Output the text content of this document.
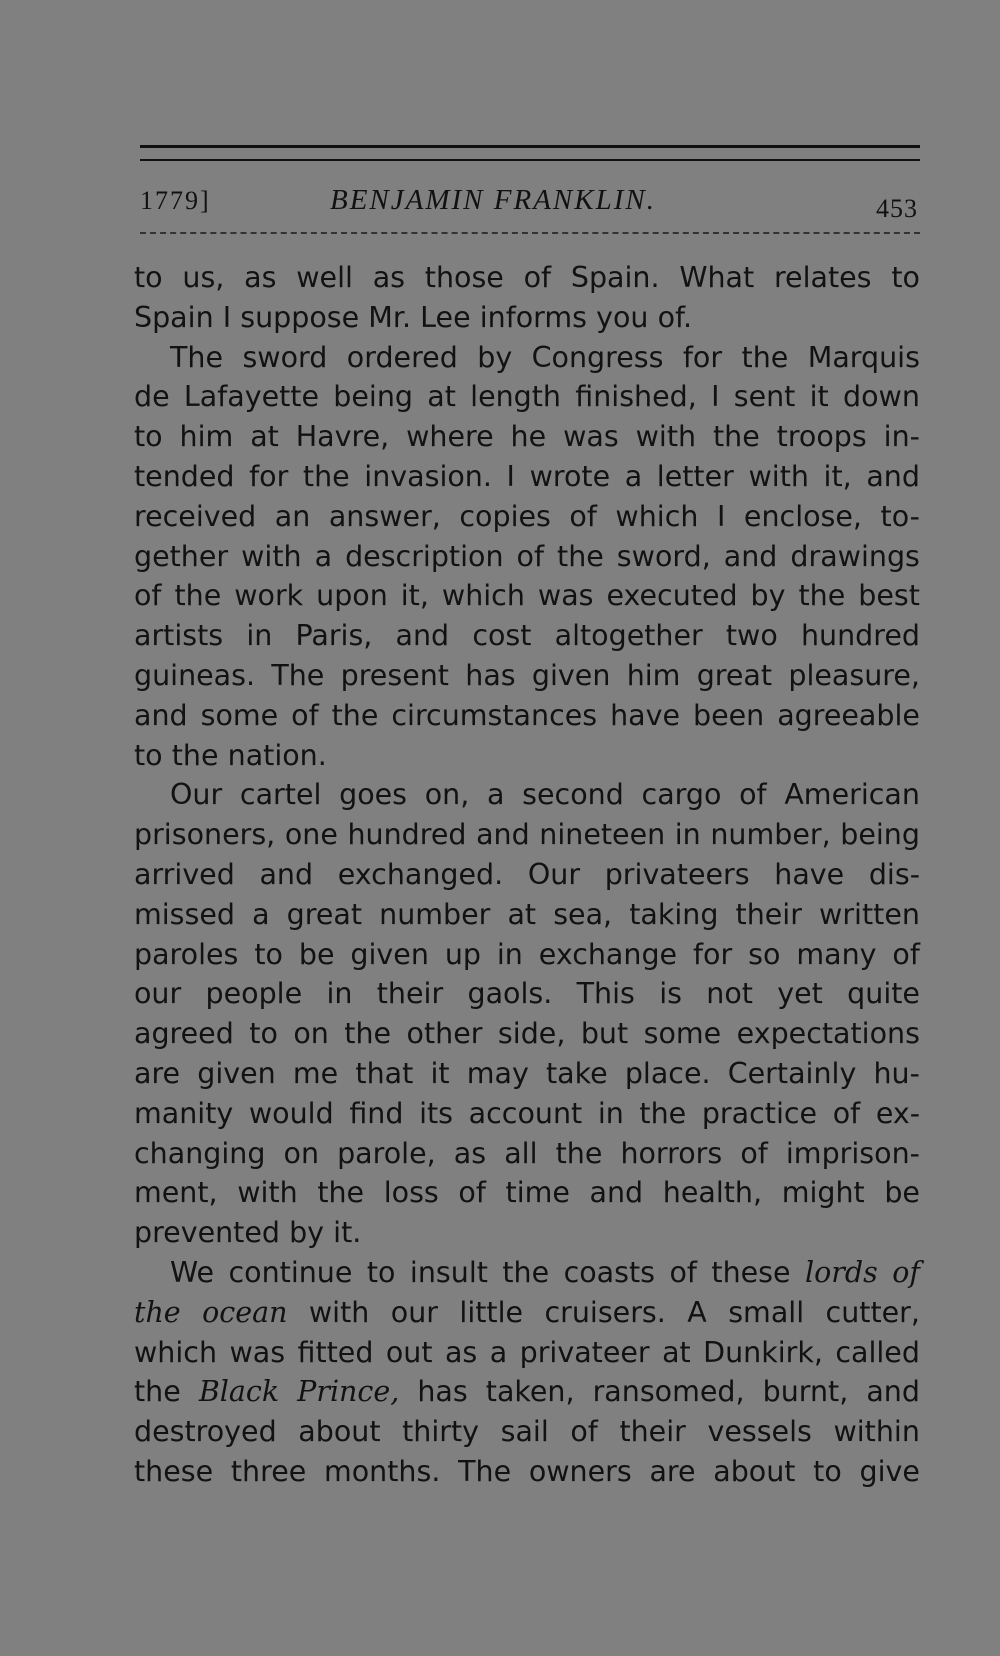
1779]	BENJAMIN FRANKLIN.	453
to us, as well as those of Spain. What relates to
Spain I suppose Mr. Lee informs you of.
The sword ordered by Congress for the Marquis
de Lafayette being at length finished, I sent it down
to him at Havre, where he was with the troops in-
tended for the invasion. I wrote a letter with it, and
received an answer, copies of which I enclose, to-
gether with a description of the sword, and drawings
of the work upon it, which was executed by the best
artists in Paris, and cost altogether two hundred
guineas. The present has given him great pleasure,
and some of the circumstances have been agreeable
to the nation.
Our cartel goes on, a second cargo of American
prisoners, one hundred and nineteen in number, being
arrived and exchanged. Our privateers have dis-
missed a great number at sea, taking their written
paroles to be given up in exchange for so many of
our people in their gaols. This is not yet quite
agreed to on the other side, but some expectations
are given me that it may take place. Certainly hu-
manity would find its account in the practice of ex-
changing on parole, as all the horrors of imprison-
ment, with the loss of time and health, might be
prevented by it.
We continue to insult the coasts of these lords of
the ocean with our little cruisers. A small cutter,
which was fitted out as a privateer at Dunkirk, called
the Black Prince, has taken, ransomed, burnt, and
destroyed about thirty sail of their vessels within
these three months. The owners are about to give
